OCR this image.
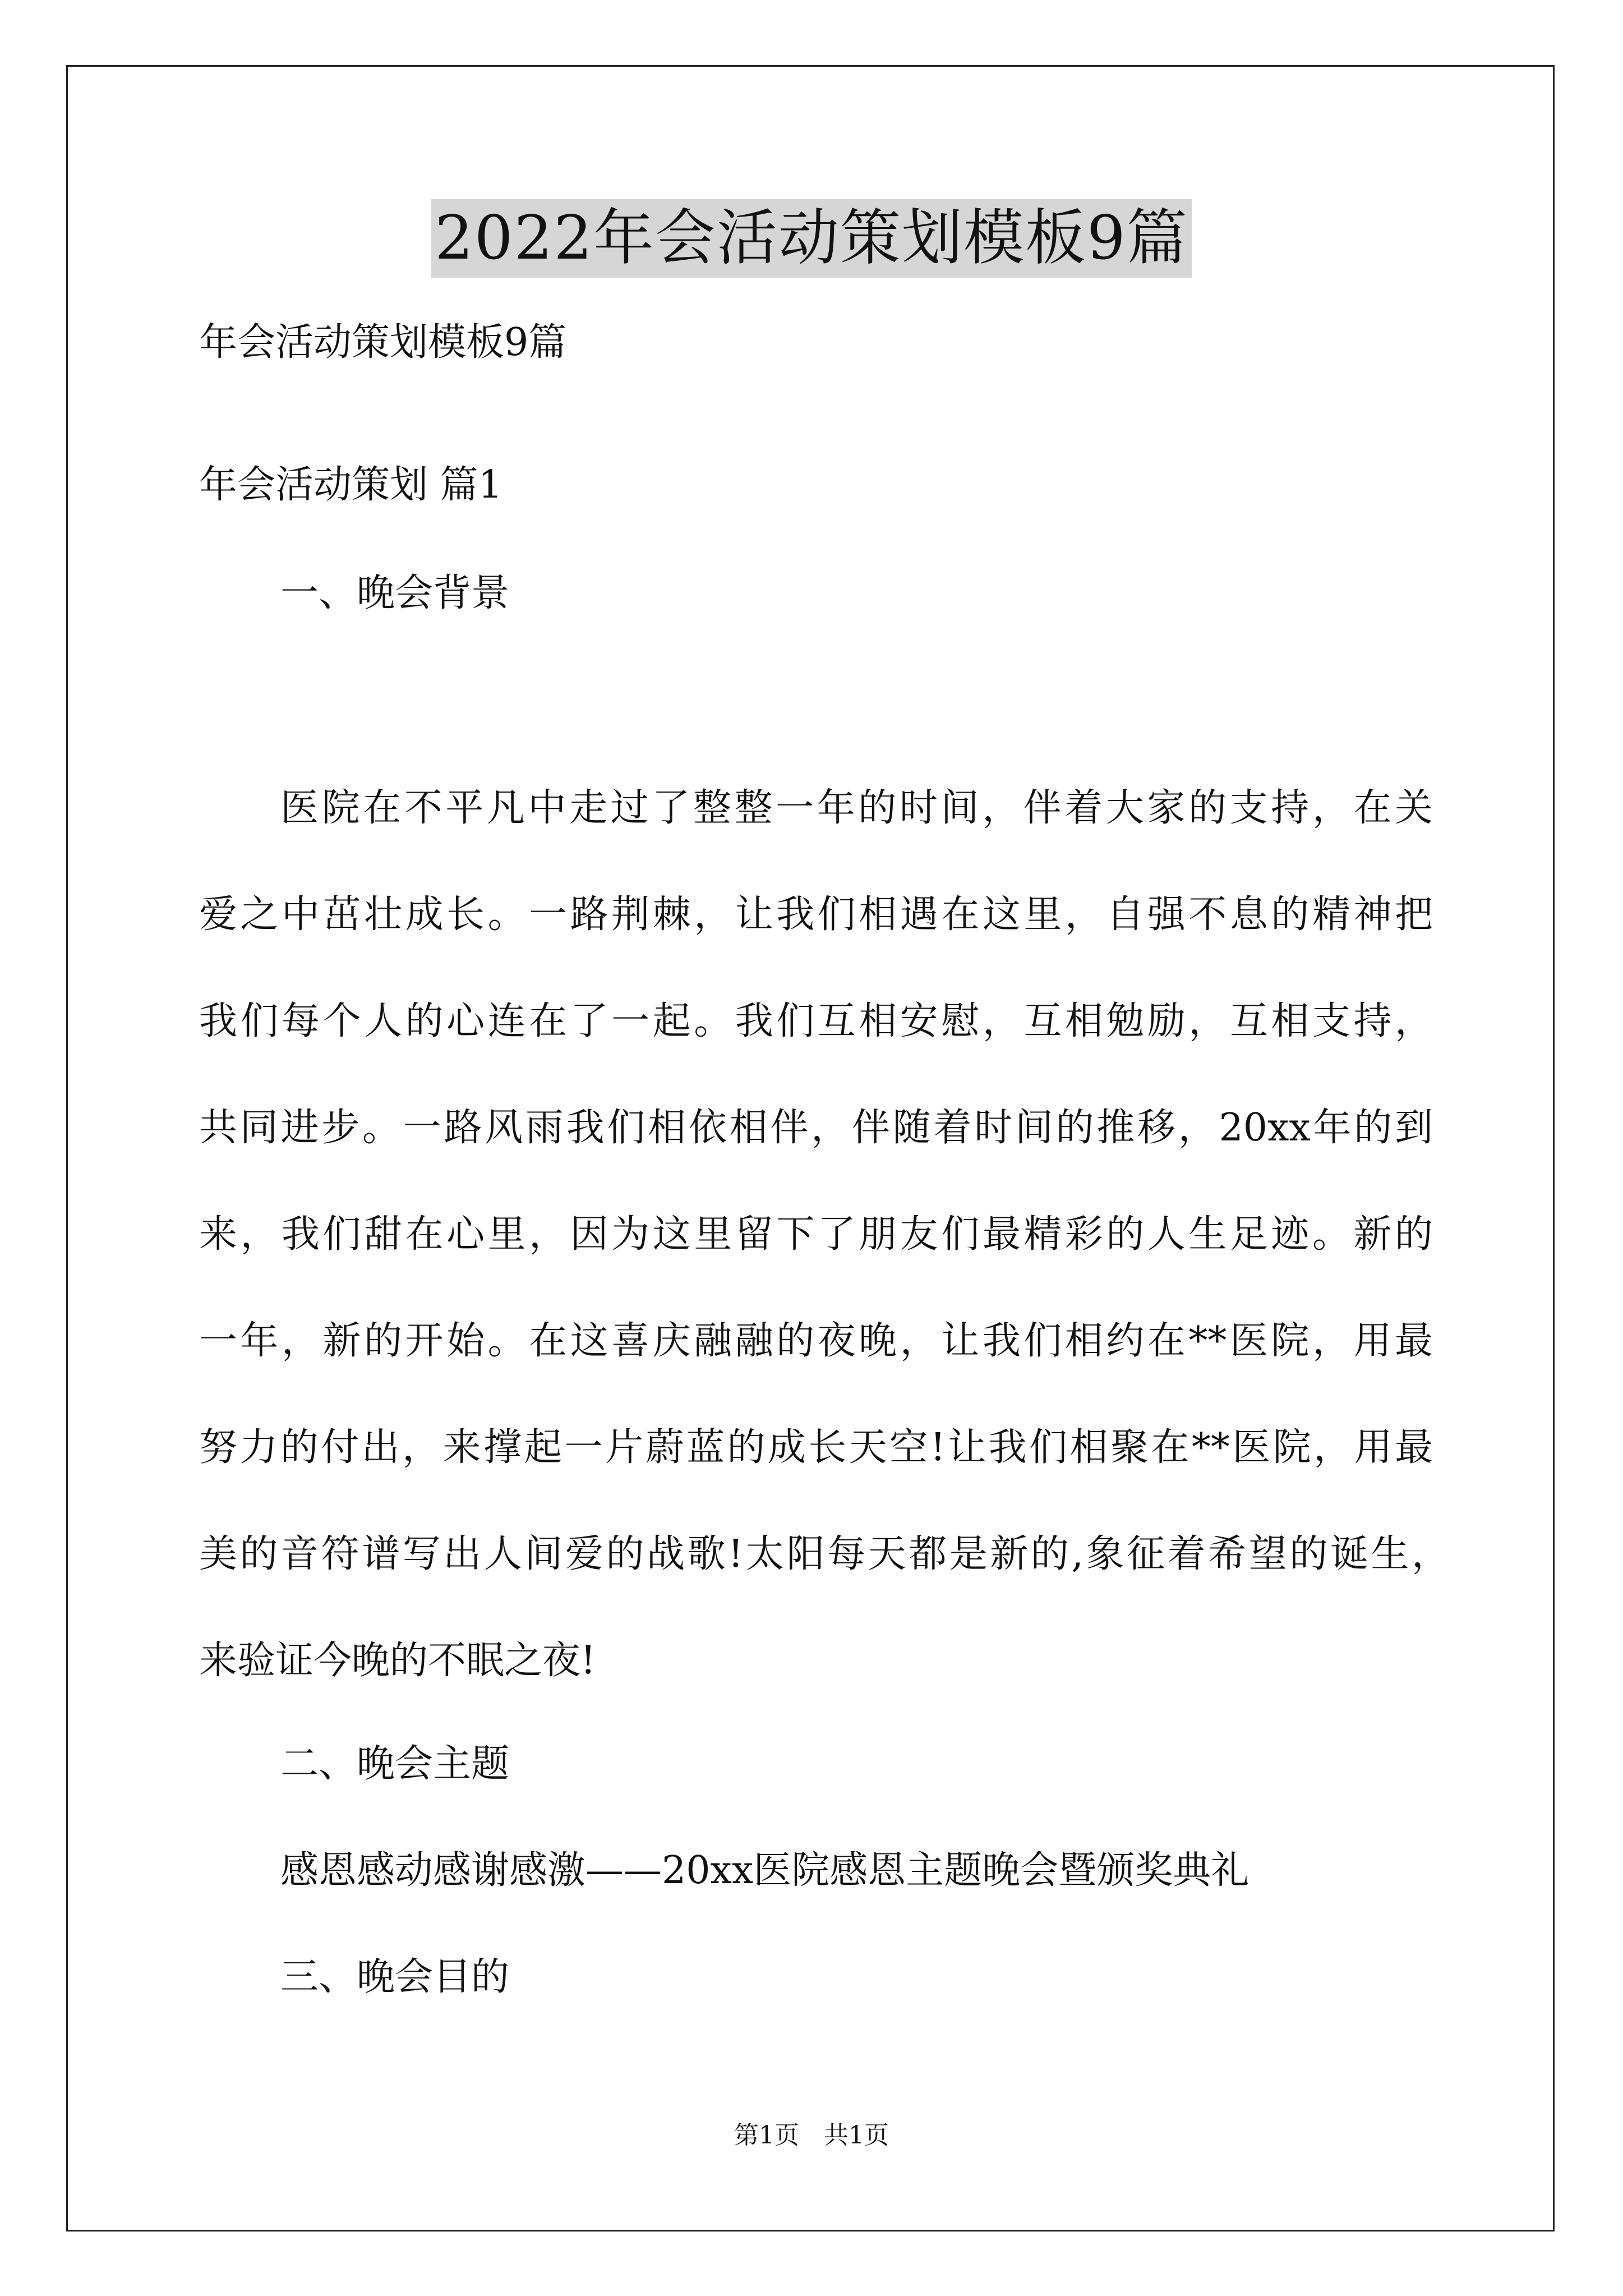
2022年会活动策划模板9篇
年会活动策划模板9篇
年会活动策划 篇1
一、晚会背景
医院在不平凡中走过了整整一年的时间，伴着大家的支持，在关
爱之中茁壮成长。一路荆棘，让我们相遇在这里，自强不息的精神把
我们每个人的心连在了一起。我们互相安慰，互相勉励，互相支持，
共同进步。一路风雨我们相依相伴，伴随着时间的推移，20xx年的到
来，我们甜在心里，因为这里留下了朋友们最精彩的人生足迹。新的
一年，新的开始。在这喜庆融融的夜晚，让我们相约在**医院，用最
努力的付出，来撑起一片蔚蓝的成长天空!让我们相聚在**医院，用最
美的音符谱写出人间爱的战歌!太阳每天都是新的,象征着希望的诞生，
来验证今晚的不眠之夜!
二、晚会主题
感恩感动感谢感激——20xx医院感恩主题晚会暨颁奖典礼
三、晚会目的
第1页　共1页
